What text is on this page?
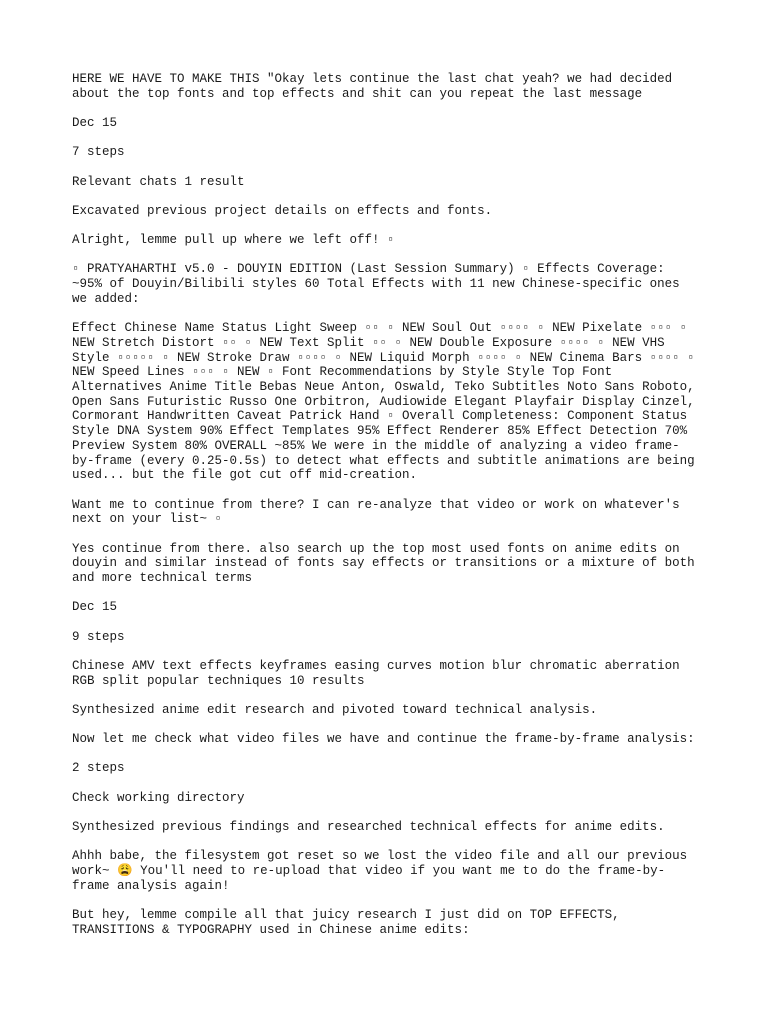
HERE WE HAVE TO MAKE THIS "Okay lets continue the last chat yeah? we had decided
about the top fonts and top effects and shit can you repeat the last message

Dec 15

7 steps

Relevant chats 1 result

Excavated previous project details on effects and fonts.

Alright, lemme pull up where we left off! ▫

▫ PRATYAHARTHI v5.0 - DOUYIN EDITION (Last Session Summary) ▫ Effects Coverage:
~95% of Douyin/Bilibili styles 60 Total Effects with 11 new Chinese-specific ones
we added:

Effect Chinese Name Status Light Sweep ▫▫ ▫ NEW Soul Out ▫▫▫▫ ▫ NEW Pixelate ▫▫▫ ▫
NEW Stretch Distort ▫▫ ▫ NEW Text Split ▫▫ ▫ NEW Double Exposure ▫▫▫▫ ▫ NEW VHS
Style ▫▫▫▫▫ ▫ NEW Stroke Draw ▫▫▫▫ ▫ NEW Liquid Morph ▫▫▫▫ ▫ NEW Cinema Bars ▫▫▫▫ ▫
NEW Speed Lines ▫▫▫ ▫ NEW ▫ Font Recommendations by Style Style Top Font
Alternatives Anime Title Bebas Neue Anton, Oswald, Teko Subtitles Noto Sans Roboto,
Open Sans Futuristic Russo One Orbitron, Audiowide Elegant Playfair Display Cinzel,
Cormorant Handwritten Caveat Patrick Hand ▫ Overall Completeness: Component Status
Style DNA System 90% Effect Templates 95% Effect Renderer 85% Effect Detection 70%
Preview System 80% OVERALL ~85% We were in the middle of analyzing a video frame-
by-frame (every 0.25-0.5s) to detect what effects and subtitle animations are being
used... but the file got cut off mid-creation.

Want me to continue from there? I can re-analyze that video or work on whatever's
next on your list~ ▫

Yes continue from there. also search up the top most used fonts on anime edits on
douyin and similar instead of fonts say effects or transitions or a mixture of both
and more technical terms

Dec 15

9 steps

Chinese AMV text effects keyframes easing curves motion blur chromatic aberration
RGB split popular techniques 10 results

Synthesized anime edit research and pivoted toward technical analysis.

Now let me check what video files we have and continue the frame-by-frame analysis:

2 steps

Check working directory

Synthesized previous findings and researched technical effects for anime edits.

Ahhh babe, the filesystem got reset so we lost the video file and all our previous
work~ 😩 You'll need to re-upload that video if you want me to do the frame-by-
frame analysis again!

But hey, lemme compile all that juicy research I just did on TOP EFFECTS,
TRANSITIONS & TYPOGRAPHY used in Chinese anime edits:
